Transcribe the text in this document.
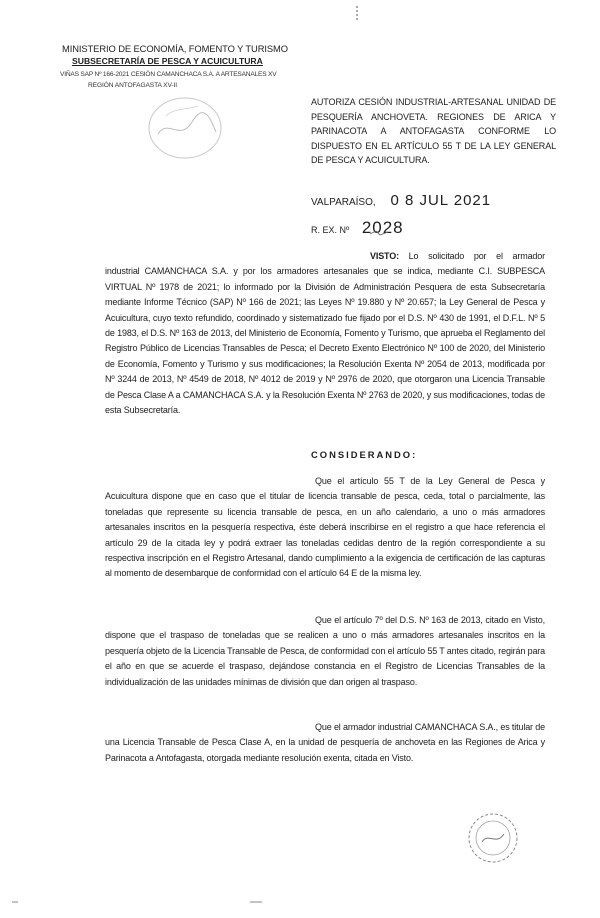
MINISTERIO DE ECONOMÍA, FOMENTO Y TURISMO
SUBSECRETARÍA DE PESCA Y ACUICULTURA
VIÑAS SAP Nº 166-2021 CESIÓN CAMANCHACA S.A. A ARTESANALES XV
REGIÓN ANTOFAGASTA XV-II
AUTORIZA CESIÓN INDUSTRIAL-ARTESANAL UNIDAD DE PESQUERÍA ANCHOVETA. REGIONES DE ARICA Y PARINACOTA A ANTOFAGASTA CONFORME LO DISPUESTO EN EL ARTÍCULO 55 T DE LA LEY GENERAL DE PESCA Y ACUICULTURA.
VALPARAÍSO, 0 8 JUL 2021
R. EX. Nº 2028
VISTO: Lo solicitado por el armador industrial CAMANCHACA S.A. y por los armadores artesanales que se indica, mediante C.I. SUBPESCA VIRTUAL Nº 1978 de 2021; lo informado por la División de Administración Pesquera de esta Subsecretaría mediante Informe Técnico (SAP) Nº 166 de 2021; las Leyes Nº 19.880 y Nº 20.657; la Ley General de Pesca y Acuicultura, cuyo texto refundido, coordinado y sistematizado fue fijado por el D.S. Nº 430 de 1991, el D.F.L. Nº 5 de 1983, el D.S. Nº 163 de 2013, del Ministerio de Economía, Fomento y Turismo, que aprueba el Reglamento del Registro Público de Licencias Transables de Pesca; el Decreto Exento Electrónico Nº 100 de 2020, del Ministerio de Economía, Fomento y Turismo y sus modificaciones; la Resolución Exenta Nº 2054 de 2013, modificada por Nº 3244 de 2013, Nº 4549 de 2018, Nº 4012 de 2019 y Nº 2976 de 2020, que otorgaron una Licencia Transable de Pesca Clase A a CAMANCHACA S.A. y la Resolución Exenta Nº 2763 de 2020, y sus modificaciones, todas de esta Subsecretaría.
CONSIDERANDO:
Que el artículo 55 T de la Ley General de Pesca y Acuicultura dispone que en caso que el titular de licencia transable de pesca, ceda, total o parcialmente, las toneladas que represente su licencia transable de pesca, en un año calendario, a uno o más armadores artesanales inscritos en la pesquería respectiva, éste deberá inscribirse en el registro a que hace referencia el artículo 29 de la citada ley y podrá extraer las toneladas cedidas dentro de la región correspondiente a su respectiva inscripción en el Registro Artesanal, dando cumplimiento a la exigencia de certificación de las capturas al momento de desembarque de conformidad con el artículo 64 E de la misma ley.
Que el artículo 7º del D.S. Nº 163 de 2013, citado en Visto, dispone que el traspaso de toneladas que se realicen a uno o más armadores artesanales inscritos en la pesquería objeto de la Licencia Transable de Pesca, de conformidad con el artículo 55 T antes citado, regirán para el año en que se acuerde el traspaso, dejándose constancia en el Registro de Licencias Transables de la individualización de las unidades mínimas de división que dan origen al traspaso.
Que el armador industrial CAMANCHACA S.A., es titular de una Licencia Transable de Pesca Clase A, en la unidad de pesquería de anchoveta en las Regiones de Arica y Parinacota a Antofagasta, otorgada mediante resolución exenta, citada en Visto.
